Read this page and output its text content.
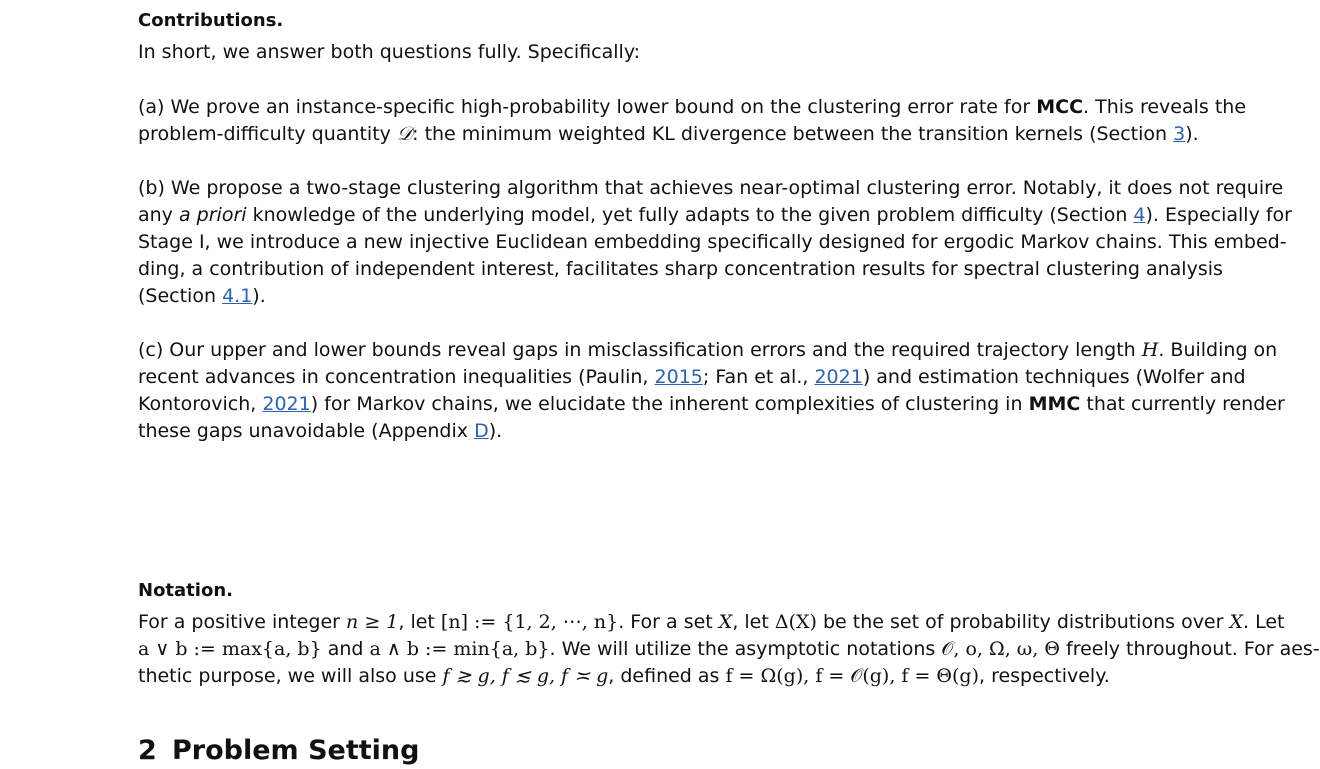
Contributions.
In short, we answer both questions fully. Specifically:
(a) We prove an instance-specific high-probability lower bound on the clustering error rate for MCC. This reveals the
problem-difficulty quantity 𝒟: the minimum weighted KL divergence between the transition kernels (Section 3).
(b) We propose a two-stage clustering algorithm that achieves near-optimal clustering error. Notably, it does not require
any a priori knowledge of the underlying model, yet fully adapts to the given problem difficulty (Section 4). Especially for
Stage I, we introduce a new injective Euclidean embedding specifically designed for ergodic Markov chains. This embed-
ding, a contribution of independent interest, facilitates sharp concentration results for spectral clustering analysis
(Section 4.1).
(c) Our upper and lower bounds reveal gaps in misclassification errors and the required trajectory length H. Building on
recent advances in concentration inequalities (Paulin, 2015; Fan et al., 2021) and estimation techniques (Wolfer and
Kontorovich, 2021) for Markov chains, we elucidate the inherent complexities of clustering in MMC that currently render
these gaps unavoidable (Appendix D).
Notation.
For a positive integer n ≥ 1, let [n] := {1, 2, ⋯, n}. For a set X, let Δ(X) be the set of probability distributions over X. Let
a ∨ b := max{a, b} and a ∧ b := min{a, b}. We will utilize the asymptotic notations 𝒪, o, Ω, ω, Θ freely throughout. For aes-
thetic purpose, we will also use f ≳ g, f ≲ g, f ≍ g, defined as f = Ω(g), f = 𝒪(g), f = Θ(g), respectively.
2 Problem Setting
